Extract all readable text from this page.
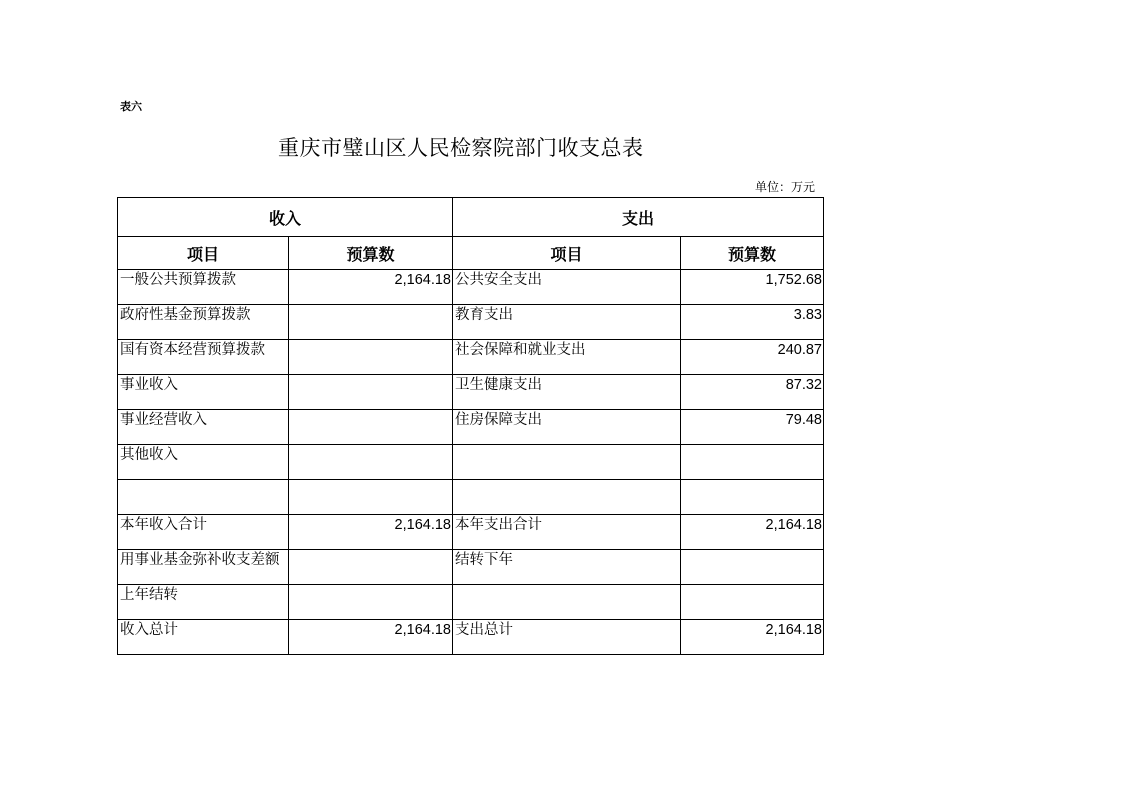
表六
重庆市璧山区人民检察院部门收支总表
单位：万元
收入		支出	
项目	预算数	项目	预算数
一般公共预算拨款	2,164.18	公共安全支出	1,752.68
政府性基金预算拨款		教育支出	3.83
国有资本经营预算拨款		社会保障和就业支出	240.87
事业收入		卫生健康支出	87.32
事业经营收入		住房保障支出	79.48
其他收入			

本年收入合计	2,164.18	本年支出合计	2,164.18
用事业基金弥补收支差额		结转下年	
上年结转			
收入总计	2,164.18	支出总计	2,164.18
